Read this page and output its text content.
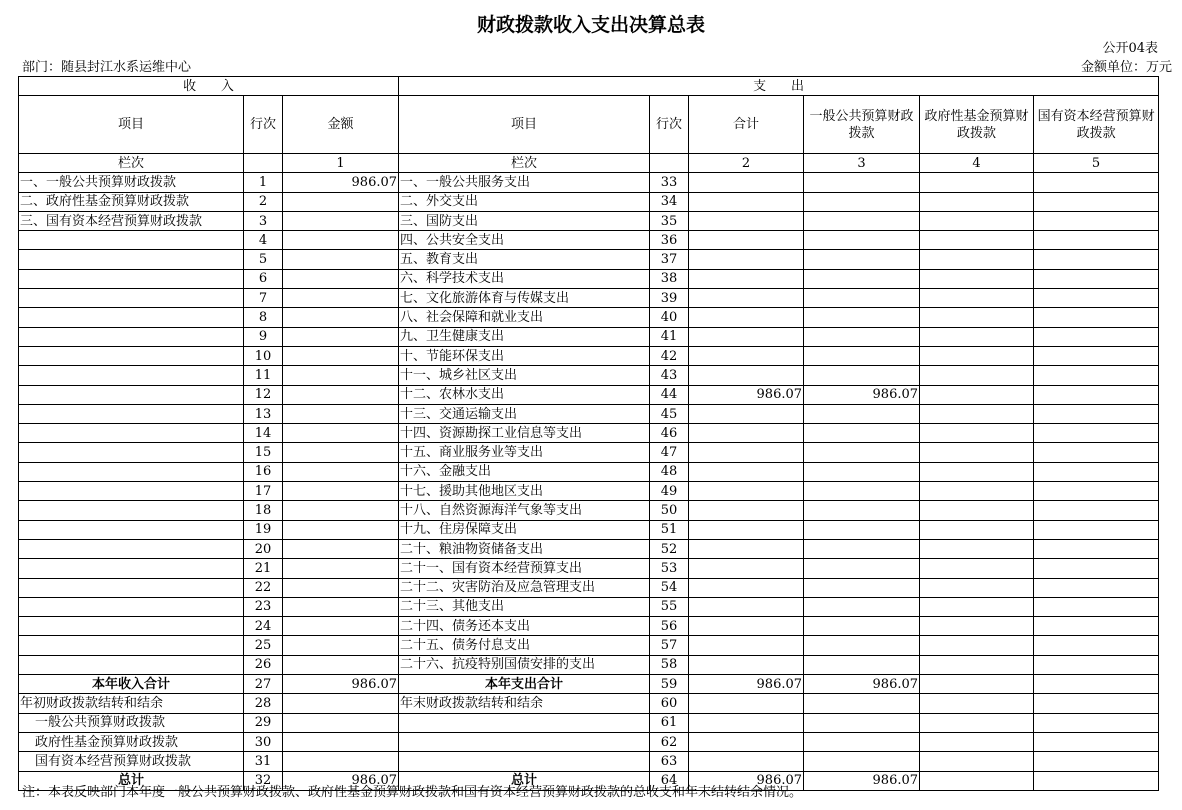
财政拨款收入支出决算总表
公开04表
部门：随县封江水系运维中心	金额单位：万元
收      入			支      出					
项目	行次	金额	项目	行次	合计	一般公共预算财政拨款	政府性基金预算财政拨款	国有资本经营预算财政拨款
栏次		1	栏次		2	3	4	5
一、一般公共预算财政拨款	1	986.07	一、一般公共服务支出	33				
二、政府性基金预算财政拨款	2		二、外交支出	34				
三、国有资本经营预算财政拨款	3		三、国防支出	35				
	4		四、公共安全支出	36				
	5		五、教育支出	37				
	6		六、科学技术支出	38				
	7		七、文化旅游体育与传媒支出	39				
	8		八、社会保障和就业支出	40				
	9		九、卫生健康支出	41				
	10		十、节能环保支出	42				
	11		十一、城乡社区支出	43				
	12		十二、农林水支出	44	986.07	986.07		
	13		十三、交通运输支出	45				
	14		十四、资源勘探工业信息等支出	46				
	15		十五、商业服务业等支出	47				
	16		十六、金融支出	48				
	17		十七、援助其他地区支出	49				
	18		十八、自然资源海洋气象等支出	50				
	19		十九、住房保障支出	51				
	20		二十、粮油物资储备支出	52				
	21		二十一、国有资本经营预算支出	53				
	22		二十二、灾害防治及应急管理支出	54				
	23		二十三、其他支出	55				
	24		二十四、债务还本支出	56				
	25		二十五、债务付息支出	57				
	26		二十六、抗疫特别国债安排的支出	58				
本年收入合计	27	986.07	本年支出合计	59	986.07	986.07		
年初财政拨款结转和结余	28		年末财政拨款结转和结余	60				
一般公共预算财政拨款	29			61				
政府性基金预算财政拨款	30			62				
国有资本经营预算财政拨款	31			63				
总计	32	986.07	总计	64	986.07	986.07		
注：本表反映部门本年度一般公共预算财政拨款、政府性基金预算财政拨款和国有资本经营预算财政拨款的总收支和年末结转结余情况。
